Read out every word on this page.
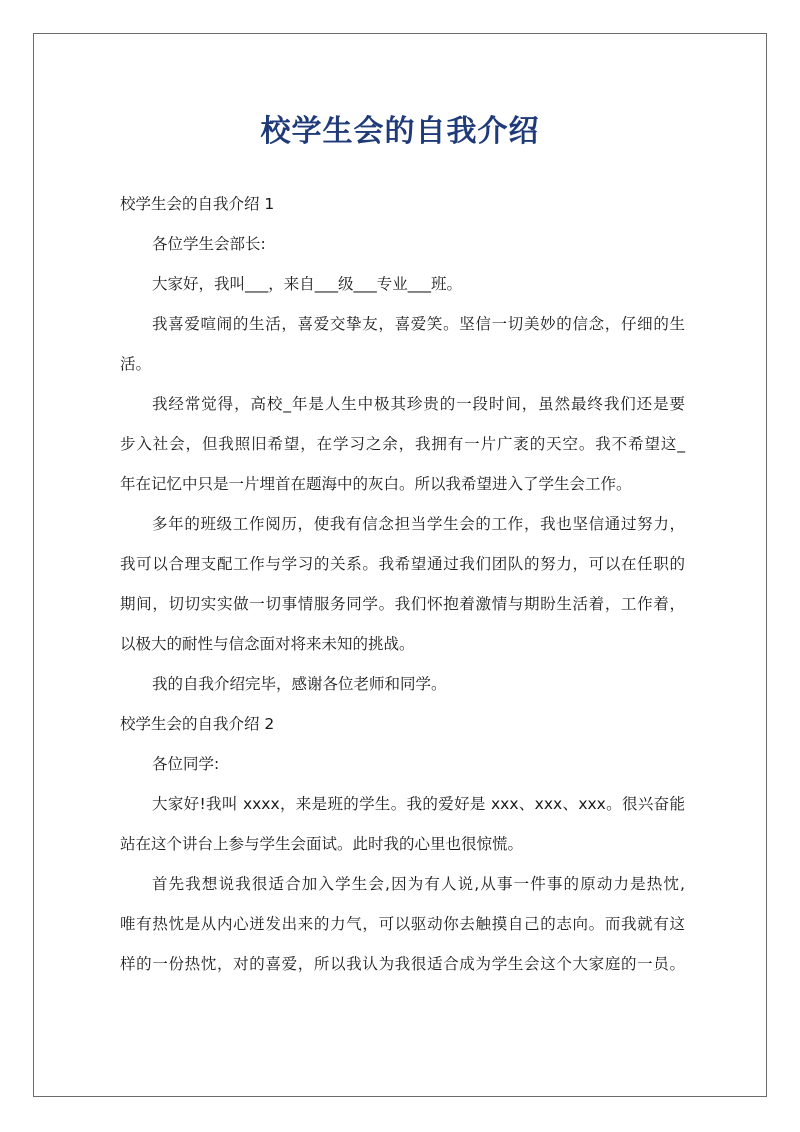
校学生会的自我介绍
校学生会的自我介绍 1
各位学生会部长:
大家好，我叫___，来自___级___专业___班。
我喜爱喧闹的生活，喜爱交挚友，喜爱笑。坚信一切美妙的信念，仔细的生
活。
我经常觉得，高校_年是人生中极其珍贵的一段时间，虽然最终我们还是要
步入社会，但我照旧希望，在学习之余，我拥有一片广袤的天空。我不希望这_
年在记忆中只是一片埋首在题海中的灰白。所以我希望进入了学生会工作。
多年的班级工作阅历，使我有信念担当学生会的工作，我也坚信通过努力，
我可以合理支配工作与学习的关系。我希望通过我们团队的努力，可以在任职的
期间，切切实实做一切事情服务同学。我们怀抱着激情与期盼生活着，工作着，
以极大的耐性与信念面对将来未知的挑战。
我的自我介绍完毕，感谢各位老师和同学。
校学生会的自我介绍 2
各位同学:
大家好!我叫 xxxx，来是班的学生。我的爱好是 xxx、xxx、xxx。很兴奋能
站在这个讲台上参与学生会面试。此时我的心里也很惊慌。
首先我想说我很适合加入学生会,因为有人说,从事一件事的原动力是热忱,
唯有热忱是从内心迸发出来的力气，可以驱动你去触摸自己的志向。而我就有这
样的一份热忱，对的喜爱，所以我认为我很适合成为学生会这个大家庭的一员。
